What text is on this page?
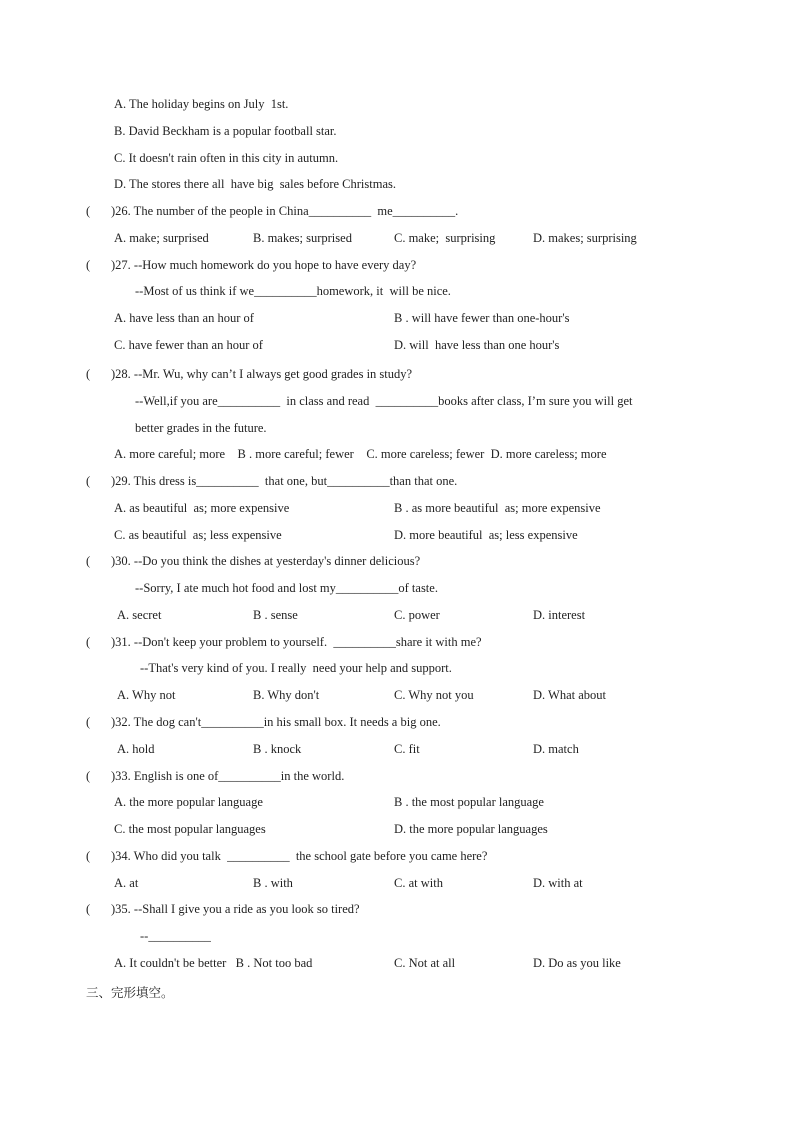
A. The holiday begins on July  1st.
B. David Beckham is a popular football star.
C. It doesn't rain often in this city in autumn.
D. The stores there all  have big  sales before Christmas.
( )26. The number of the people in China__________  me__________.
A. make; surprised	B. makes; surprised	C. make;  surprising	D. makes; surprising
( )27. --How much homework do you hope to have every day?
--Most of us think if we__________homework, it  will be nice.
A. have less than an hour of	B . will have fewer than one-hour's
C. have fewer than an hour of	D. will  have less than one hour's
( )28. --Mr. Wu, why can’t I always get good grades in study?
--Well,if you are__________  in class and read  __________books after class, I’m sure you will get
better grades in the future.
A. more careful; more    B . more careful; fewer    C. more careless; fewer  D. more careless; more
( )29. This dress is__________  that one, but__________than that one.
A. as beautiful  as; more expensive	B . as more beautiful  as; more expensive
C. as beautiful  as; less expensive	D. more beautiful  as; less expensive
( )30. --Do you think the dishes at yesterday's dinner delicious?
--Sorry, I ate much hot food and lost my__________of taste.
A. secret	B . sense	C. power	D. interest
( )31. --Don't keep your problem to yourself.  __________share it with me?
--That's very kind of you. I really  need your help and support.
A. Why not	B. Why don't	C. Why not you	D. What about
( )32. The dog can't__________in his small box. It needs a big one.
A. hold	B . knock	C. fit	D. match
( )33. English is one of__________in the world.
A. the more popular language	B . the most popular language
C. the most popular languages	D. the more popular languages
( )34. Who did you talk  __________  the school gate before you came here?
A. at	B . with	C. at with	D. with at
( )35. --Shall I give you a ride as you look so tired?
--__________
A. It couldn't be better   B . Not too bad	C. Not at all	D. Do as you like
三、完形填空。
